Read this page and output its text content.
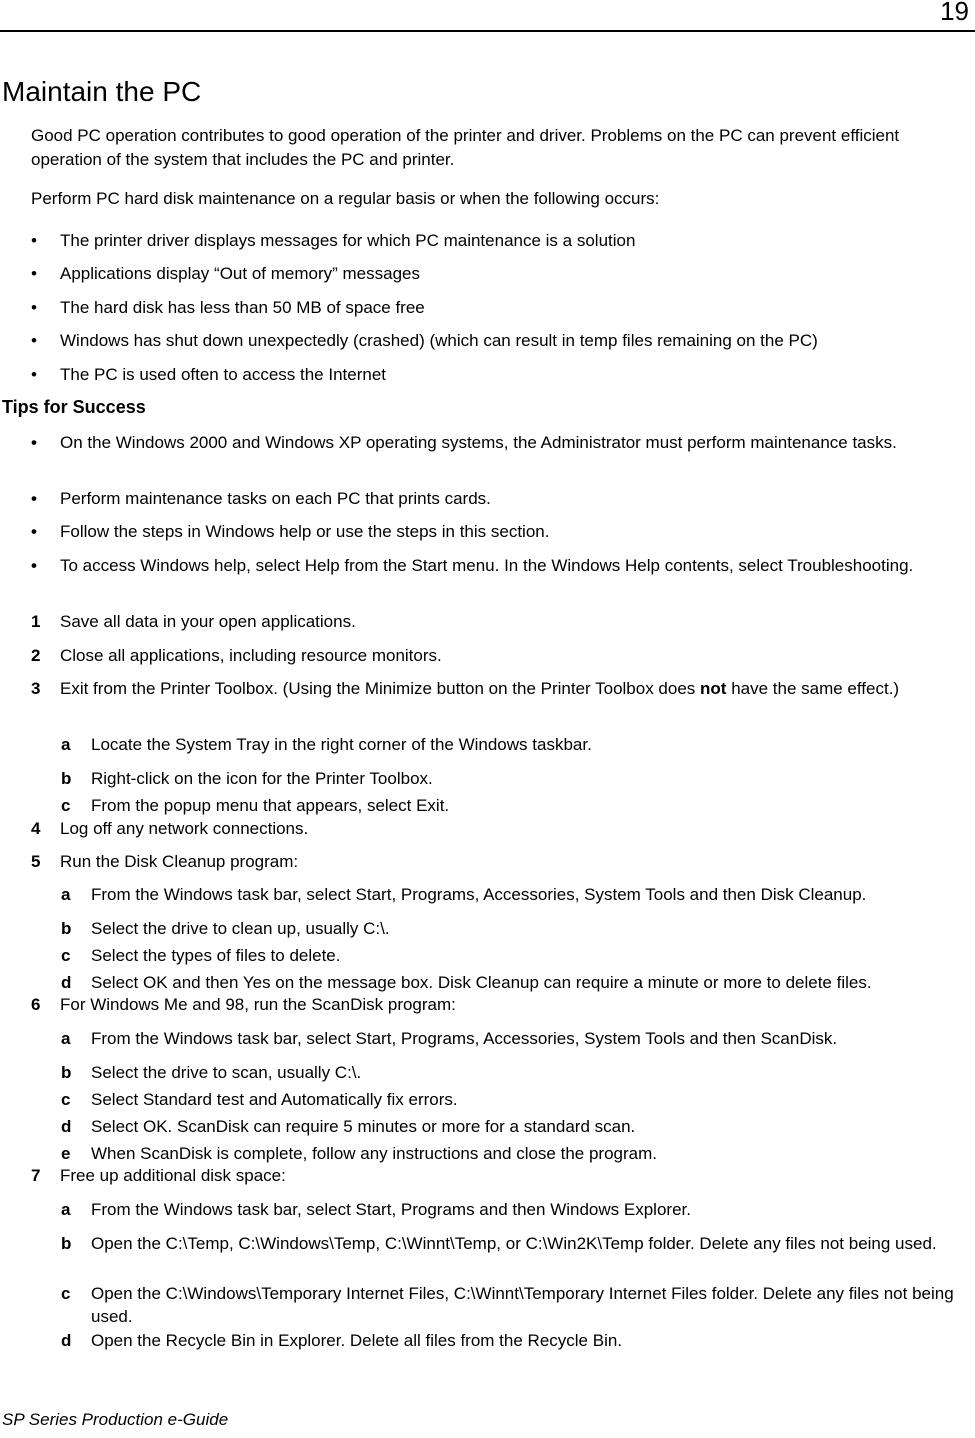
19
Maintain the PC
Good PC operation contributes to good operation of the printer and driver. Problems on the PC can prevent efficient operation of the system that includes the PC and printer.
Perform PC hard disk maintenance on a regular basis or when the following occurs:
• The printer driver displays messages for which PC maintenance is a solution
• Applications display “Out of memory” messages
• The hard disk has less than 50 MB of space free
• Windows has shut down unexpectedly (crashed) (which can result in temp files remaining on the PC)
• The PC is used often to access the Internet
Tips for Success
• On the Windows 2000 and Windows XP operating systems, the Administrator must perform maintenance tasks.
• Perform maintenance tasks on each PC that prints cards.
• Follow the steps in Windows help or use the steps in this section.
• To access Windows help, select Help from the Start menu. In the Windows Help contents, select Troubleshooting.
1 Save all data in your open applications.
2 Close all applications, including resource monitors.
3 Exit from the Printer Toolbox. (Using the Minimize button on the Printer Toolbox does not have the same effect.)
a Locate the System Tray in the right corner of the Windows taskbar.
b Right-click on the icon for the Printer Toolbox.
c From the popup menu that appears, select Exit.
4 Log off any network connections.
5 Run the Disk Cleanup program:
a From the Windows task bar, select Start, Programs, Accessories, System Tools and then Disk Cleanup.
b Select the drive to clean up, usually C:\.
c Select the types of files to delete.
d Select OK and then Yes on the message box. Disk Cleanup can require a minute or more to delete files.
6 For Windows Me and 98, run the ScanDisk program:
a From the Windows task bar, select Start, Programs, Accessories, System Tools and then ScanDisk.
b Select the drive to scan, usually C:\.
c Select Standard test and Automatically fix errors.
d Select OK. ScanDisk can require 5 minutes or more for a standard scan.
e When ScanDisk is complete, follow any instructions and close the program.
7 Free up additional disk space:
a From the Windows task bar, select Start, Programs and then Windows Explorer.
b Open the C:\Temp, C:\Windows\Temp, C:\Winnt\Temp, or C:\Win2K\Temp folder. Delete any files not being used.
c Open the C:\Windows\Temporary Internet Files, C:\Winnt\Temporary Internet Files folder. Delete any files not being used.
d Open the Recycle Bin in Explorer. Delete all files from the Recycle Bin.
SP Series Production e-Guide
